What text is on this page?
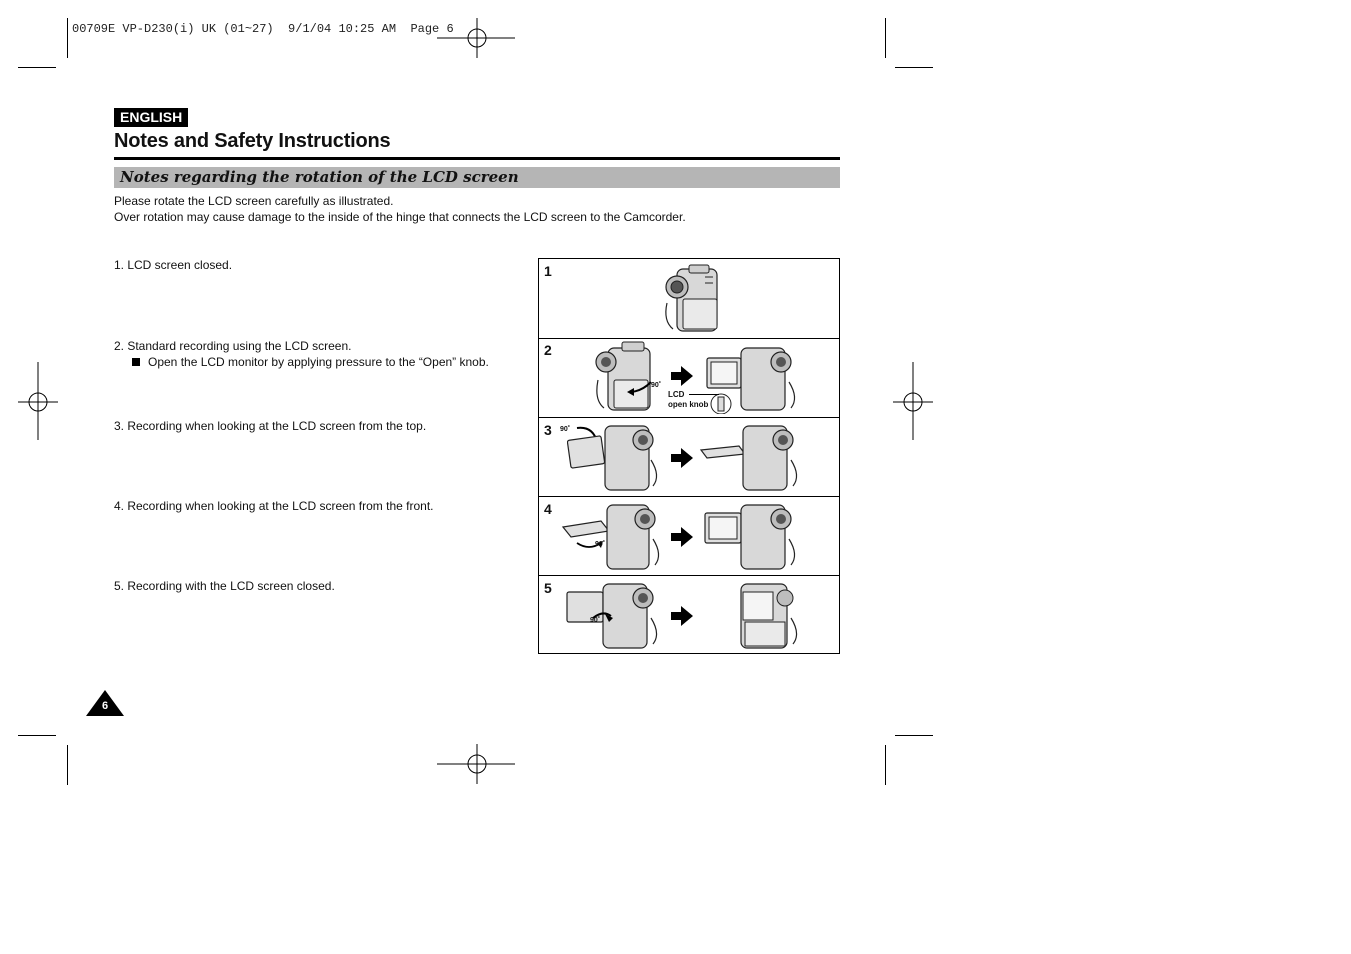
00709E VP-D230(i) UK (01~27)  9/1/04 10:25 AM  Page 6
ENGLISH
Notes and Safety Instructions
Notes regarding the rotation of the LCD screen
Please rotate the LCD screen carefully as illustrated.
Over rotation may cause damage to the inside of the hinge that connects the LCD screen to the Camcorder.
1. LCD screen closed.
2. Standard recording using the LCD screen.
Open the LCD monitor by applying pressure to the “Open” knob.
3. Recording when looking at the LCD screen from the top.
4. Recording when looking at the LCD screen from the front.
5. Recording with the LCD screen closed.
1
2
90˚
LCD
open knob
3 90˚
4
90˚
5
90˚
6
